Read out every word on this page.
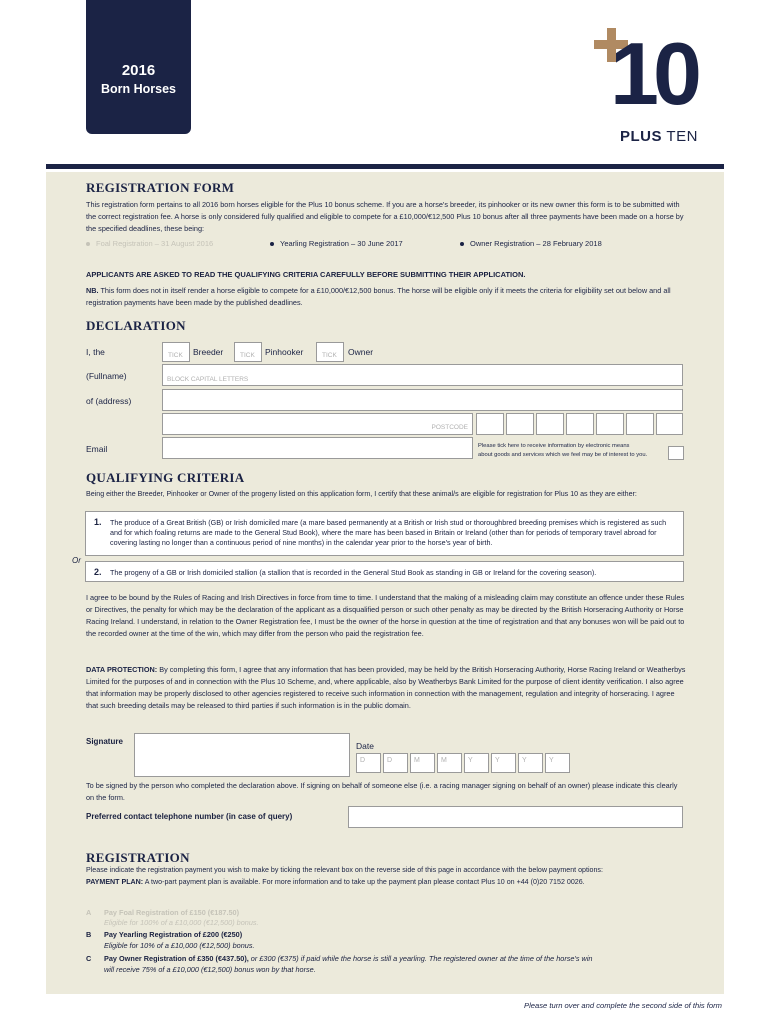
2016
Born Horses	10
PLUS TEN
REGISTRATION FORM
This registration form pertains to all 2016 born horses eligible for the Plus 10 bonus scheme. If you are a horse's breeder, its pinhooker or its new owner this form is to be submitted with the correct registration fee. A horse is only considered fully qualified and eligible to compete for a £10,000/€12,500 Plus 10 bonus after all three payments have been made on a horse by the specified deadlines, these being:
Foal Registration – 31 August 2016	Yearling Registration – 30 June 2017	Owner Registration – 28 February 2018
APPLICANTS ARE ASKED TO READ THE QUALIFYING CRITERIA CAREFULLY BEFORE SUBMITTING THEIR APPLICATION.
NB. This form does not in itself render a horse eligible to compete for a £10,000/€12,500 bonus. The horse will be eligible only if it meets the criteria for eligibility set out below and all registration payments have been made by the published deadlines.
DECLARATION
I, the	TICK Breeder	TICK Pinhooker	TICK Owner
(Fullname)	BLOCK CAPITAL LETTERS
of (address)
POSTCODE
Email	Please tick here to receive information by electronic means
about goods and services which we feel may be of interest to you.
QUALIFYING CRITERIA
Being either the Breeder, Pinhooker or Owner of the progeny listed on this application form, I certify that these animal/s are eligible for registration for Plus 10 as they are either:
1. The produce of a Great British (GB) or Irish domiciled mare (a mare based permanently at a British or Irish stud or thoroughbred breeding premises which is registered as such and for which foaling returns are made to the General Stud Book), where the mare has been based in Britain or Ireland (other than for periods of temporary travel abroad for covering lasting no longer than a continuous period of nine months) in the calendar year prior to the horse's year of birth.
Or
2. The progeny of a GB or Irish domiciled stallion (a stallion that is recorded in the General Stud Book as standing in GB or Ireland for the covering season).
I agree to be bound by the Rules of Racing and Irish Directives in force from time to time. I understand that the making of a misleading claim may constitute an offence under these Rules or Directives, the penalty for which may be the declaration of the applicant as a disqualified person or such other penalty as may be directed by the British Horseracing Authority or Horse Racing Ireland. I understand, in relation to the Owner Registration fee, I must be the owner of the horse in question at the time of registration and that any bonuses won will be paid out to the recorded owner at the time of the win, which may differ from the person who paid the registration fee.
DATA PROTECTION: By completing this form, I agree that any information that has been provided, may be held by the British Horseracing Authority, Horse Racing Ireland or Weatherbys Limited for the purposes of and in connection with the Plus 10 Scheme, and, where applicable, also by Weatherbys Bank Limited for the purpose of client identity verification. I also agree that information may be properly disclosed to other agencies registered to receive such information in connection with the management, regulation and integrity of horseracing. I agree that such breeding details may be released to third parties if such information is in the public domain.
Signature	Date
D	D	M	M	Y	Y	Y	Y
To be signed by the person who completed the declaration above. If signing on behalf of someone else (i.e. a racing manager signing on behalf of an owner) please indicate this clearly on the form.
Preferred contact telephone number (in case of query)
REGISTRATION
Please indicate the registration payment you wish to make by ticking the relevant box on the reverse side of this page in accordance with the below payment options:
PAYMENT PLAN: A two-part payment plan is available. For more information and to take up the payment plan please contact Plus 10 on +44 (0)20 7152 0026.
A Pay Foal Registration of £150 (€187.50)
Eligible for 100% of a £10,000 (€12,500) bonus.
B Pay Yearling Registration of £200 (€250)
Eligible for 10% of a £10,000 (€12,500) bonus.
C Pay Owner Registration of £350 (€437.50), or £300 (€375) if paid while the horse is still a yearling. The registered owner at the time of the horse's win
will receive 75% of a £10,000 (€12,500) bonus won by that horse.
Please turn over and complete the second side of this form
